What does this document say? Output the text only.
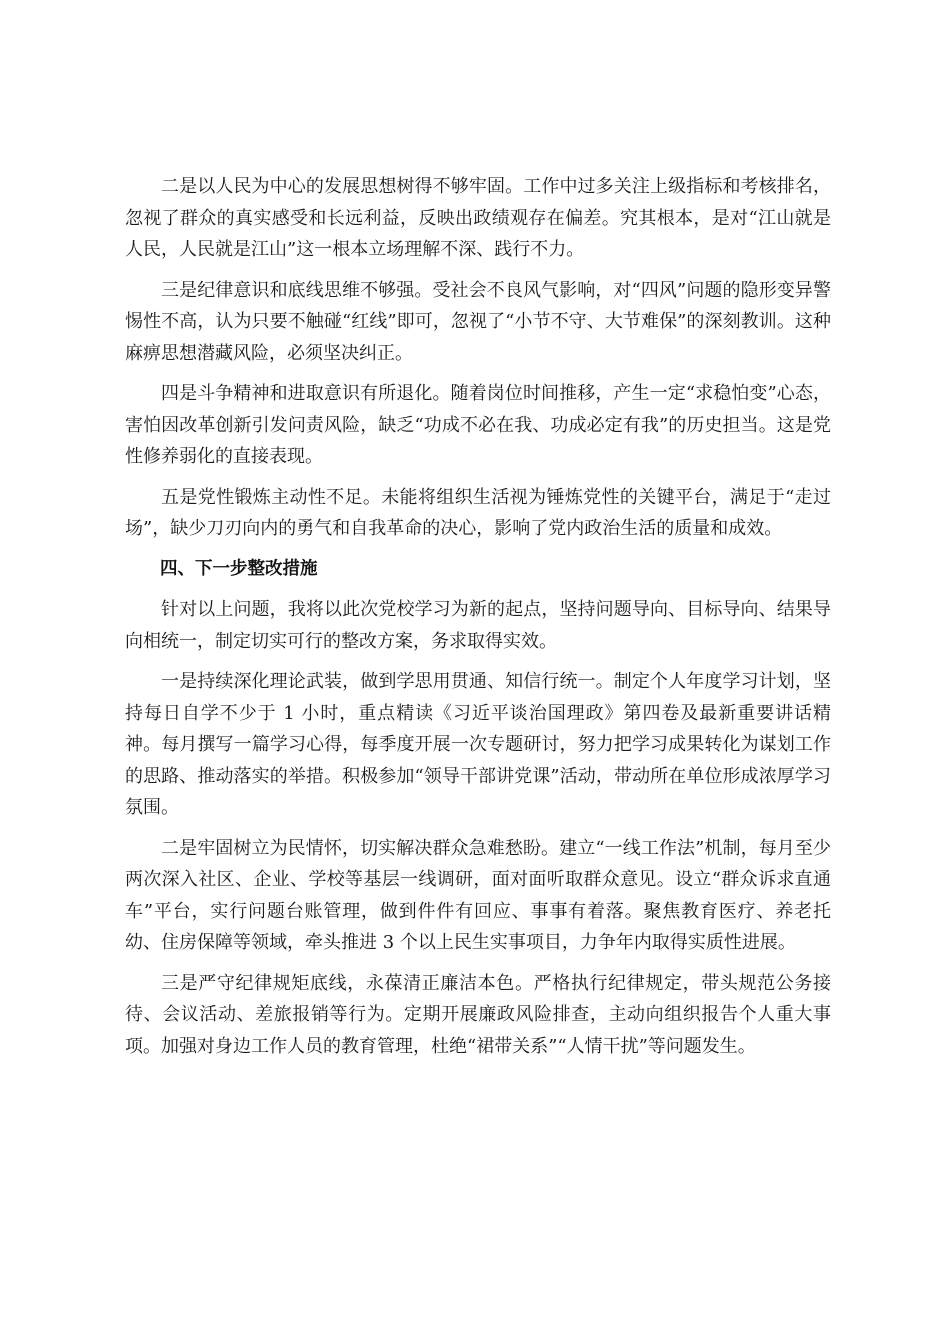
二是以人民为中心的发展思想树得不够牢固。工作中过多关注上级指标和考核排名，忽视了群众的真实感受和长远利益，反映出政绩观存在偏差。究其根本，是对“江山就是人民，人民就是江山”这一根本立场理解不深、践行不力。

三是纪律意识和底线思维不够强。受社会不良风气影响，对“四风”问题的隐形变异警惕性不高，认为只要不触碰“红线”即可，忽视了“小节不守、大节难保”的深刻教训。这种麻痹思想潜藏风险，必须坚决纠正。

四是斗争精神和进取意识有所退化。随着岗位时间推移，产生一定“求稳怕变”心态，害怕因改革创新引发问责风险，缺乏“功成不必在我、功成必定有我”的历史担当。这是党性修养弱化的直接表现。

五是党性锻炼主动性不足。未能将组织生活视为锤炼党性的关键平台，满足于“走过场”，缺少刀刃向内的勇气和自我革命的决心，影响了党内政治生活的质量和成效。

四、下一步整改措施

针对以上问题，我将以此次党校学习为新的起点，坚持问题导向、目标导向、结果导向相统一，制定切实可行的整改方案，务求取得实效。

一是持续深化理论武装，做到学思用贯通、知信行统一。制定个人年度学习计划，坚持每日自学不少于 1 小时，重点精读《习近平谈治国理政》第四卷及最新重要讲话精神。每月撰写一篇学习心得，每季度开展一次专题研讨，努力把学习成果转化为谋划工作的思路、推动落实的举措。积极参加“领导干部讲党课”活动，带动所在单位形成浓厚学习氛围。

二是牢固树立为民情怀，切实解决群众急难愁盼。建立“一线工作法”机制，每月至少两次深入社区、企业、学校等基层一线调研，面对面听取群众意见。设立“群众诉求直通车”平台，实行问题台账管理，做到件件有回应、事事有着落。聚焦教育医疗、养老托幼、住房保障等领域，牵头推进 3 个以上民生实事项目，力争年内取得实质性进展。

三是严守纪律规矩底线，永葆清正廉洁本色。严格执行纪律规定，带头规范公务接待、会议活动、差旅报销等行为。定期开展廉政风险排查，主动向组织报告个人重大事项。加强对身边工作人员的教育管理，杜绝“裙带关系”“人情干扰”等问题发生。
